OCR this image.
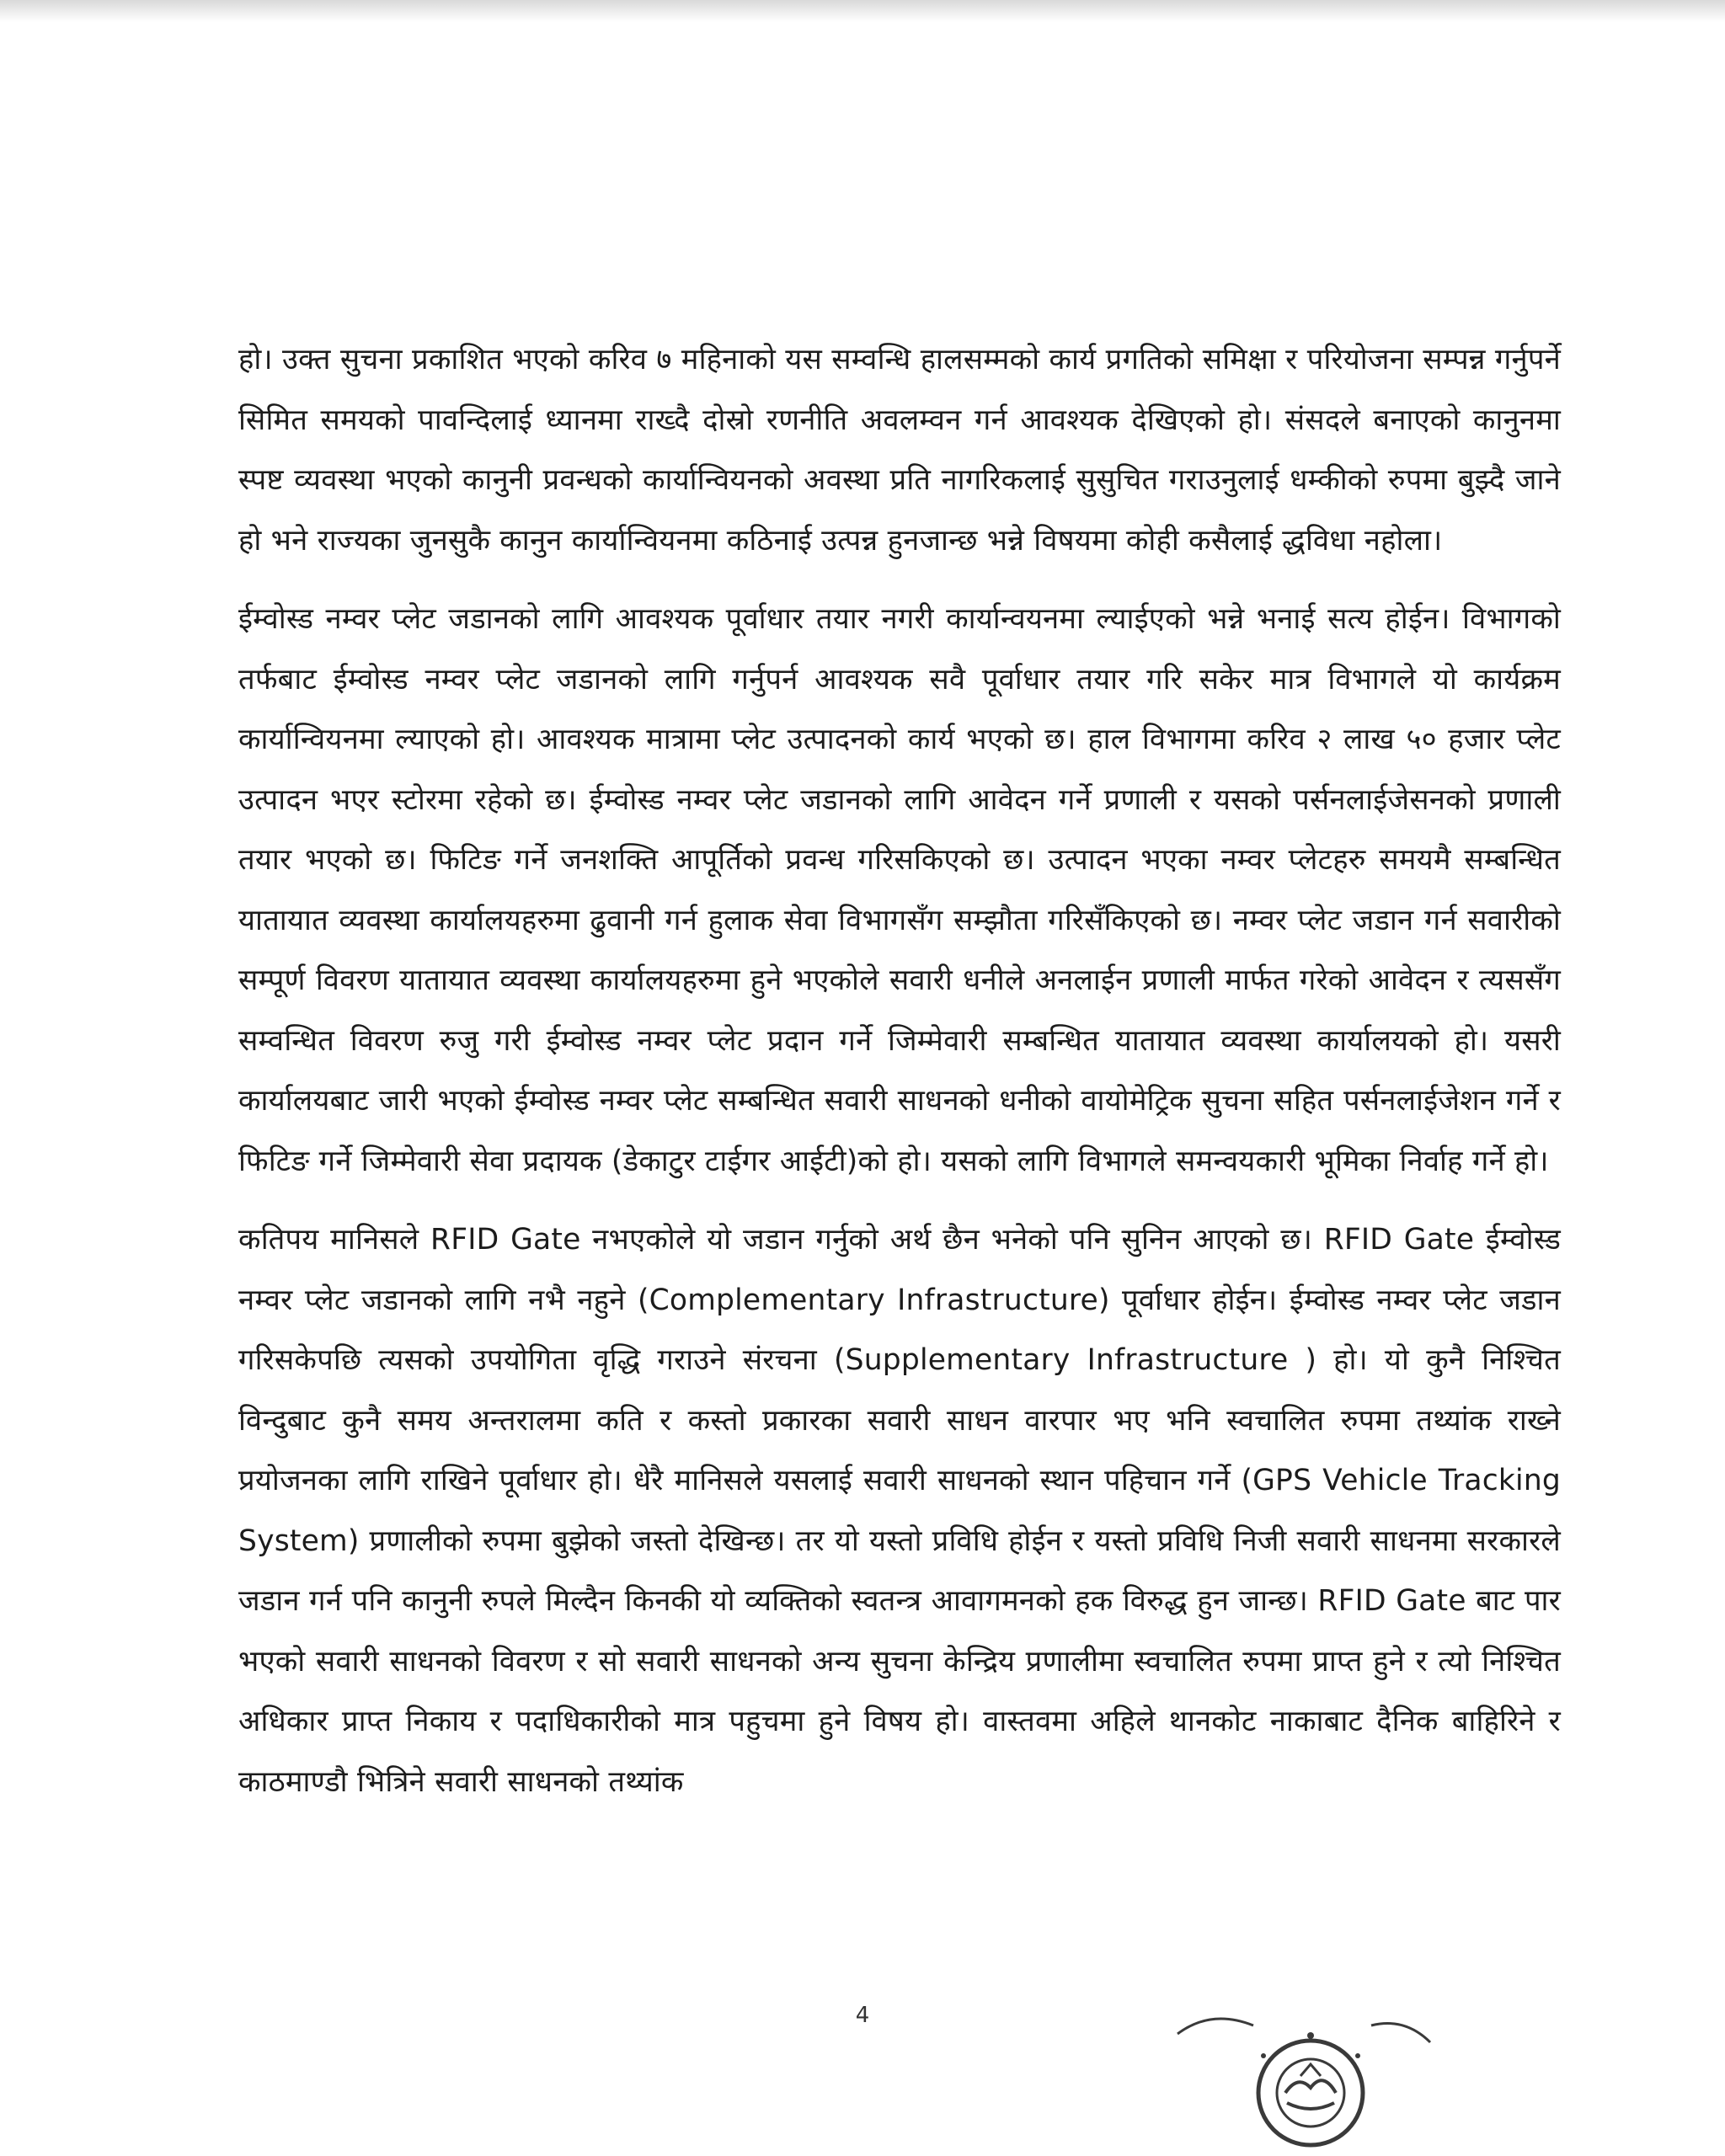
हो। उक्त सुचना प्रकाशित भएको करिव ७ महिनाको यस सम्वन्धि हालसम्मको कार्य प्रगतिको समिक्षा र परियोजना सम्पन्न गर्नुपर्ने सिमित समयको पावन्दिलाई ध्यानमा राख्दै दोस्रो रणनीति अवलम्वन गर्न आवश्यक देखिएको हो। संसदले बनाएको कानुनमा स्पष्ट व्यवस्था भएको कानुनी प्रवन्धको कार्यान्वियनको अवस्था प्रति नागरिकलाई सुसुचित गराउनुलाई धम्कीको रुपमा बुझ्दै जाने हो भने राज्यका जुनसुकै कानुन कार्यान्वियनमा कठिनाई उत्पन्न हुनजान्छ भन्ने विषयमा कोही कसैलाई द्धविधा नहोला।

ईम्वोस्ड नम्वर प्लेट जडानको लागि आवश्यक पूर्वाधार तयार नगरी कार्यान्वयनमा ल्याईएको भन्ने भनाई सत्य होईन। विभागको तर्फबाट ईम्वोस्ड नम्वर प्लेट जडानको लागि गर्नुपर्न आवश्यक सवै पूर्वाधार तयार गरि सकेर मात्र विभागले यो कार्यक्रम कार्यान्वियनमा ल्याएको हो। आवश्यक मात्रामा प्लेट उत्पादनको कार्य भएको छ। हाल विभागमा करिव २ लाख ५० हजार प्लेट उत्पादन भएर स्टोरमा रहेको छ। ईम्वोस्ड नम्वर प्लेट जडानको लागि आवेदन गर्ने प्रणाली र यसको पर्सनलाईजेसनको प्रणाली तयार भएको छ। फिटिङ गर्ने जनशक्ति आपूर्तिको प्रवन्ध गरिसकिएको छ। उत्पादन भएका नम्वर प्लेटहरु समयमै सम्बन्धित यातायात व्यवस्था कार्यालयहरुमा ढुवानी गर्न हुलाक सेवा विभागसँग सम्झौता गरिसँकिएको छ। नम्वर प्लेट जडान गर्न सवारीको सम्पूर्ण विवरण यातायात व्यवस्था कार्यालयहरुमा हुने भएकोले सवारी धनीले अनलाईन प्रणाली मार्फत गरेको आवेदन र त्यससँग सम्वन्धित विवरण रुजु गरी ईम्वोस्ड नम्वर प्लेट प्रदान गर्ने जिम्मेवारी सम्बन्धित यातायात व्यवस्था कार्यालयको हो। यसरी कार्यालयबाट जारी भएको ईम्वोस्ड नम्वर प्लेट सम्बन्धित सवारी साधनको धनीको वायोमेट्रिक सुचना सहित पर्सनलाईजेशन गर्ने र फिटिङ गर्ने जिम्मेवारी सेवा प्रदायक (डेकाटुर टाईगर आईटी)को हो। यसको लागि विभागले समन्वयकारी भूमिका निर्वाह गर्ने हो।

कतिपय मानिसले RFID Gate नभएकोले यो जडान गर्नुको अर्थ छैन भनेको पनि सुनिन आएको छ। RFID Gate ईम्वोस्ड नम्वर प्लेट जडानको लागि नभै नहुने (Complementary Infrastructure) पूर्वाधार होईन। ईम्वोस्ड नम्वर प्लेट जडान गरिसकेपछि त्यसको उपयोगिता वृद्धि गराउने संरचना (Supplementary Infrastructure ) हो। यो कुनै निश्चित विन्दुबाट कुनै समय अन्तरालमा कति र कस्तो प्रकारका सवारी साधन वारपार भए भनि स्वचालित रुपमा तथ्यांक राख्ने प्रयोजनका लागि राखिने पूर्वाधार हो। धेरै मानिसले यसलाई सवारी साधनको स्थान पहिचान गर्ने (GPS Vehicle Tracking System) प्रणालीको रुपमा बुझेको जस्तो देखिन्छ। तर यो यस्तो प्रविधि होईन र यस्तो प्रविधि निजी सवारी साधनमा सरकारले जडान गर्न पनि कानुनी रुपले मिल्दैन किनकी यो व्यक्तिको स्वतन्त्र आवागमनको हक विरुद्ध हुन जान्छ। RFID Gate बाट पार भएको सवारी साधनको विवरण र सो सवारी साधनको अन्य सुचना केन्द्रिय प्रणालीमा स्वचालित रुपमा प्राप्त हुने र त्यो निश्चित अधिकार प्राप्त निकाय र पदाधिकारीको मात्र पहुचमा हुने विषय हो। वास्तवमा अहिले थानकोट नाकाबाट दैनिक बाहिरिने र काठमाण्डौ भित्रिने सवारी साधनको तथ्यांक

4
